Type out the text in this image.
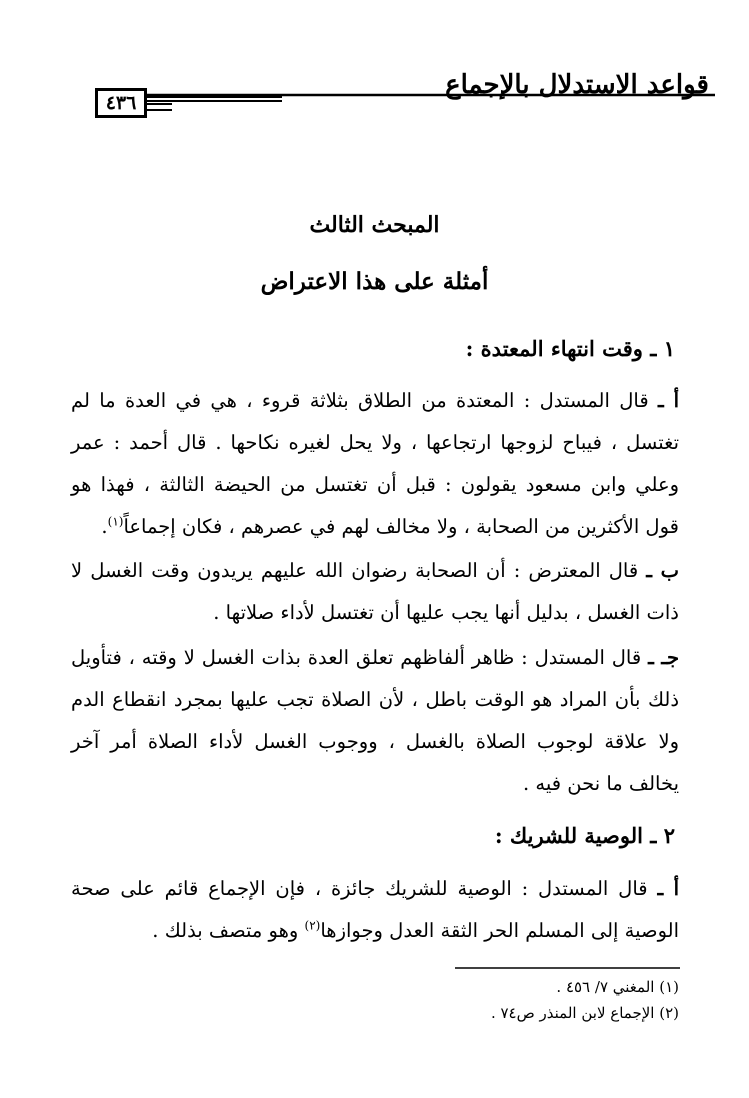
قواعد الاستدلال بالإجماع
٤٣٦
المبحث الثالث
أمثلة على هذا الاعتراض
١ ـ وقت انتهاء المعتدة :
أ ـ قال المستدل : المعتدة من الطلاق بثلاثة قروء ، هي في العدة ما لم تغتسل ، فيباح لزوجها ارتجاعها ، ولا يحل لغيره نكاحها . قال أحمد : عمر وعلي وابن مسعود يقولون : قبل أن تغتسل من الحيضة الثالثة ، فهذا هو قول الأكثرين من الصحابة ، ولا مخالف لهم في عصرهم ، فكان إجماعاً$^{(١)}$.
ب ـ قال المعترض : أن الصحابة رضوان الله عليهم يريدون وقت الغسل لا ذات الغسل ، بدليل أنها يجب عليها أن تغتسل لأداء صلاتها .
جـ ـ قال المستدل : ظاهر ألفاظهم تعلق العدة بذات الغسل لا وقته ، فتأويل ذلك بأن المراد هو الوقت باطل ، لأن الصلاة تجب عليها بمجرد انقطاع الدم ولا علاقة لوجوب الصلاة بالغسل ، ووجوب الغسل لأداء الصلاة أمر آخر يخالف ما نحن فيه .
٢ ـ الوصية للشريك :
أ ـ قال المستدل : الوصية للشريك جائزة ، فإن الإجماع قائم على صحة الوصية إلى المسلم الحر الثقة العدل وجوازها$^{(٢)}$ وهو متصف بذلك .
(١) المغني ٧/ ٤٥٦ .
(٢) الإجماع لابن المنذر ص٧٤ .
